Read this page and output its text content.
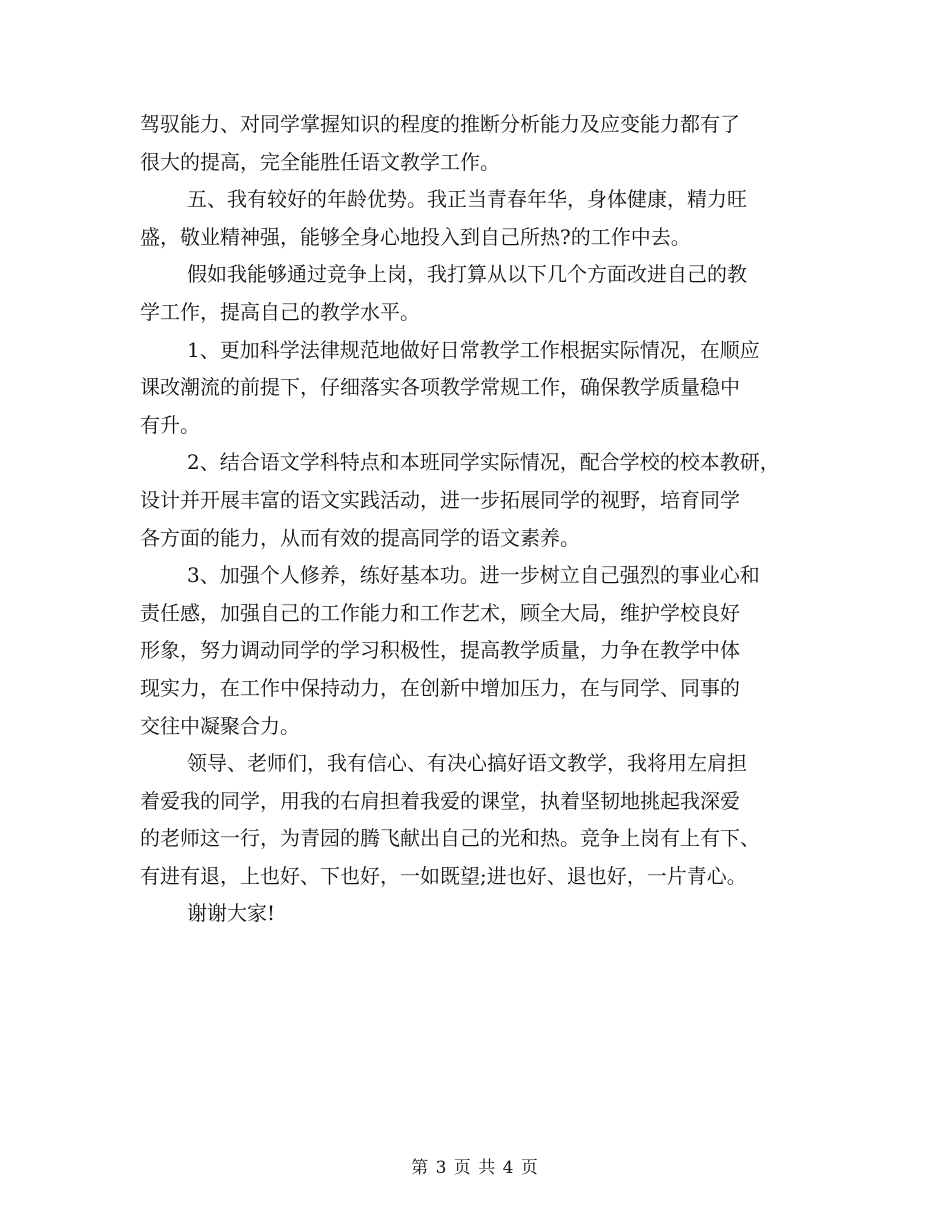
驾驭能力、对同学掌握知识的程度的推断分析能力及应变能力都有了
很大的提高，完全能胜任语文教学工作。
五、我有较好的年龄优势。我正当青春年华，身体健康，精力旺
盛，敬业精神强，能够全身心地投入到自己所热?的工作中去。
假如我能够通过竞争上岗，我打算从以下几个方面改进自己的教
学工作，提高自己的教学水平。
1、更加科学法律规范地做好日常教学工作根据实际情况，在顺应
课改潮流的前提下，仔细落实各项教学常规工作，确保教学质量稳中
有升。
2、结合语文学科特点和本班同学实际情况，配合学校的校本教研，
设计并开展丰富的语文实践活动，进一步拓展同学的视野，培育同学
各方面的能力，从而有效的提高同学的语文素养。
3、加强个人修养，练好基本功。进一步树立自己强烈的事业心和
责任感，加强自己的工作能力和工作艺术，顾全大局，维护学校良好
形象，努力调动同学的学习积极性，提高教学质量，力争在教学中体
现实力，在工作中保持动力，在创新中增加压力，在与同学、同事的
交往中凝聚合力。
领导、老师们，我有信心、有决心搞好语文教学，我将用左肩担
着爱我的同学，用我的右肩担着我爱的课堂，执着坚韧地挑起我深爱
的老师这一行，为青园的腾飞献出自己的光和热。竞争上岗有上有下、
有进有退，上也好、下也好，一如既望;进也好、退也好，一片青心。
谢谢大家!
第 3 页 共 4 页
